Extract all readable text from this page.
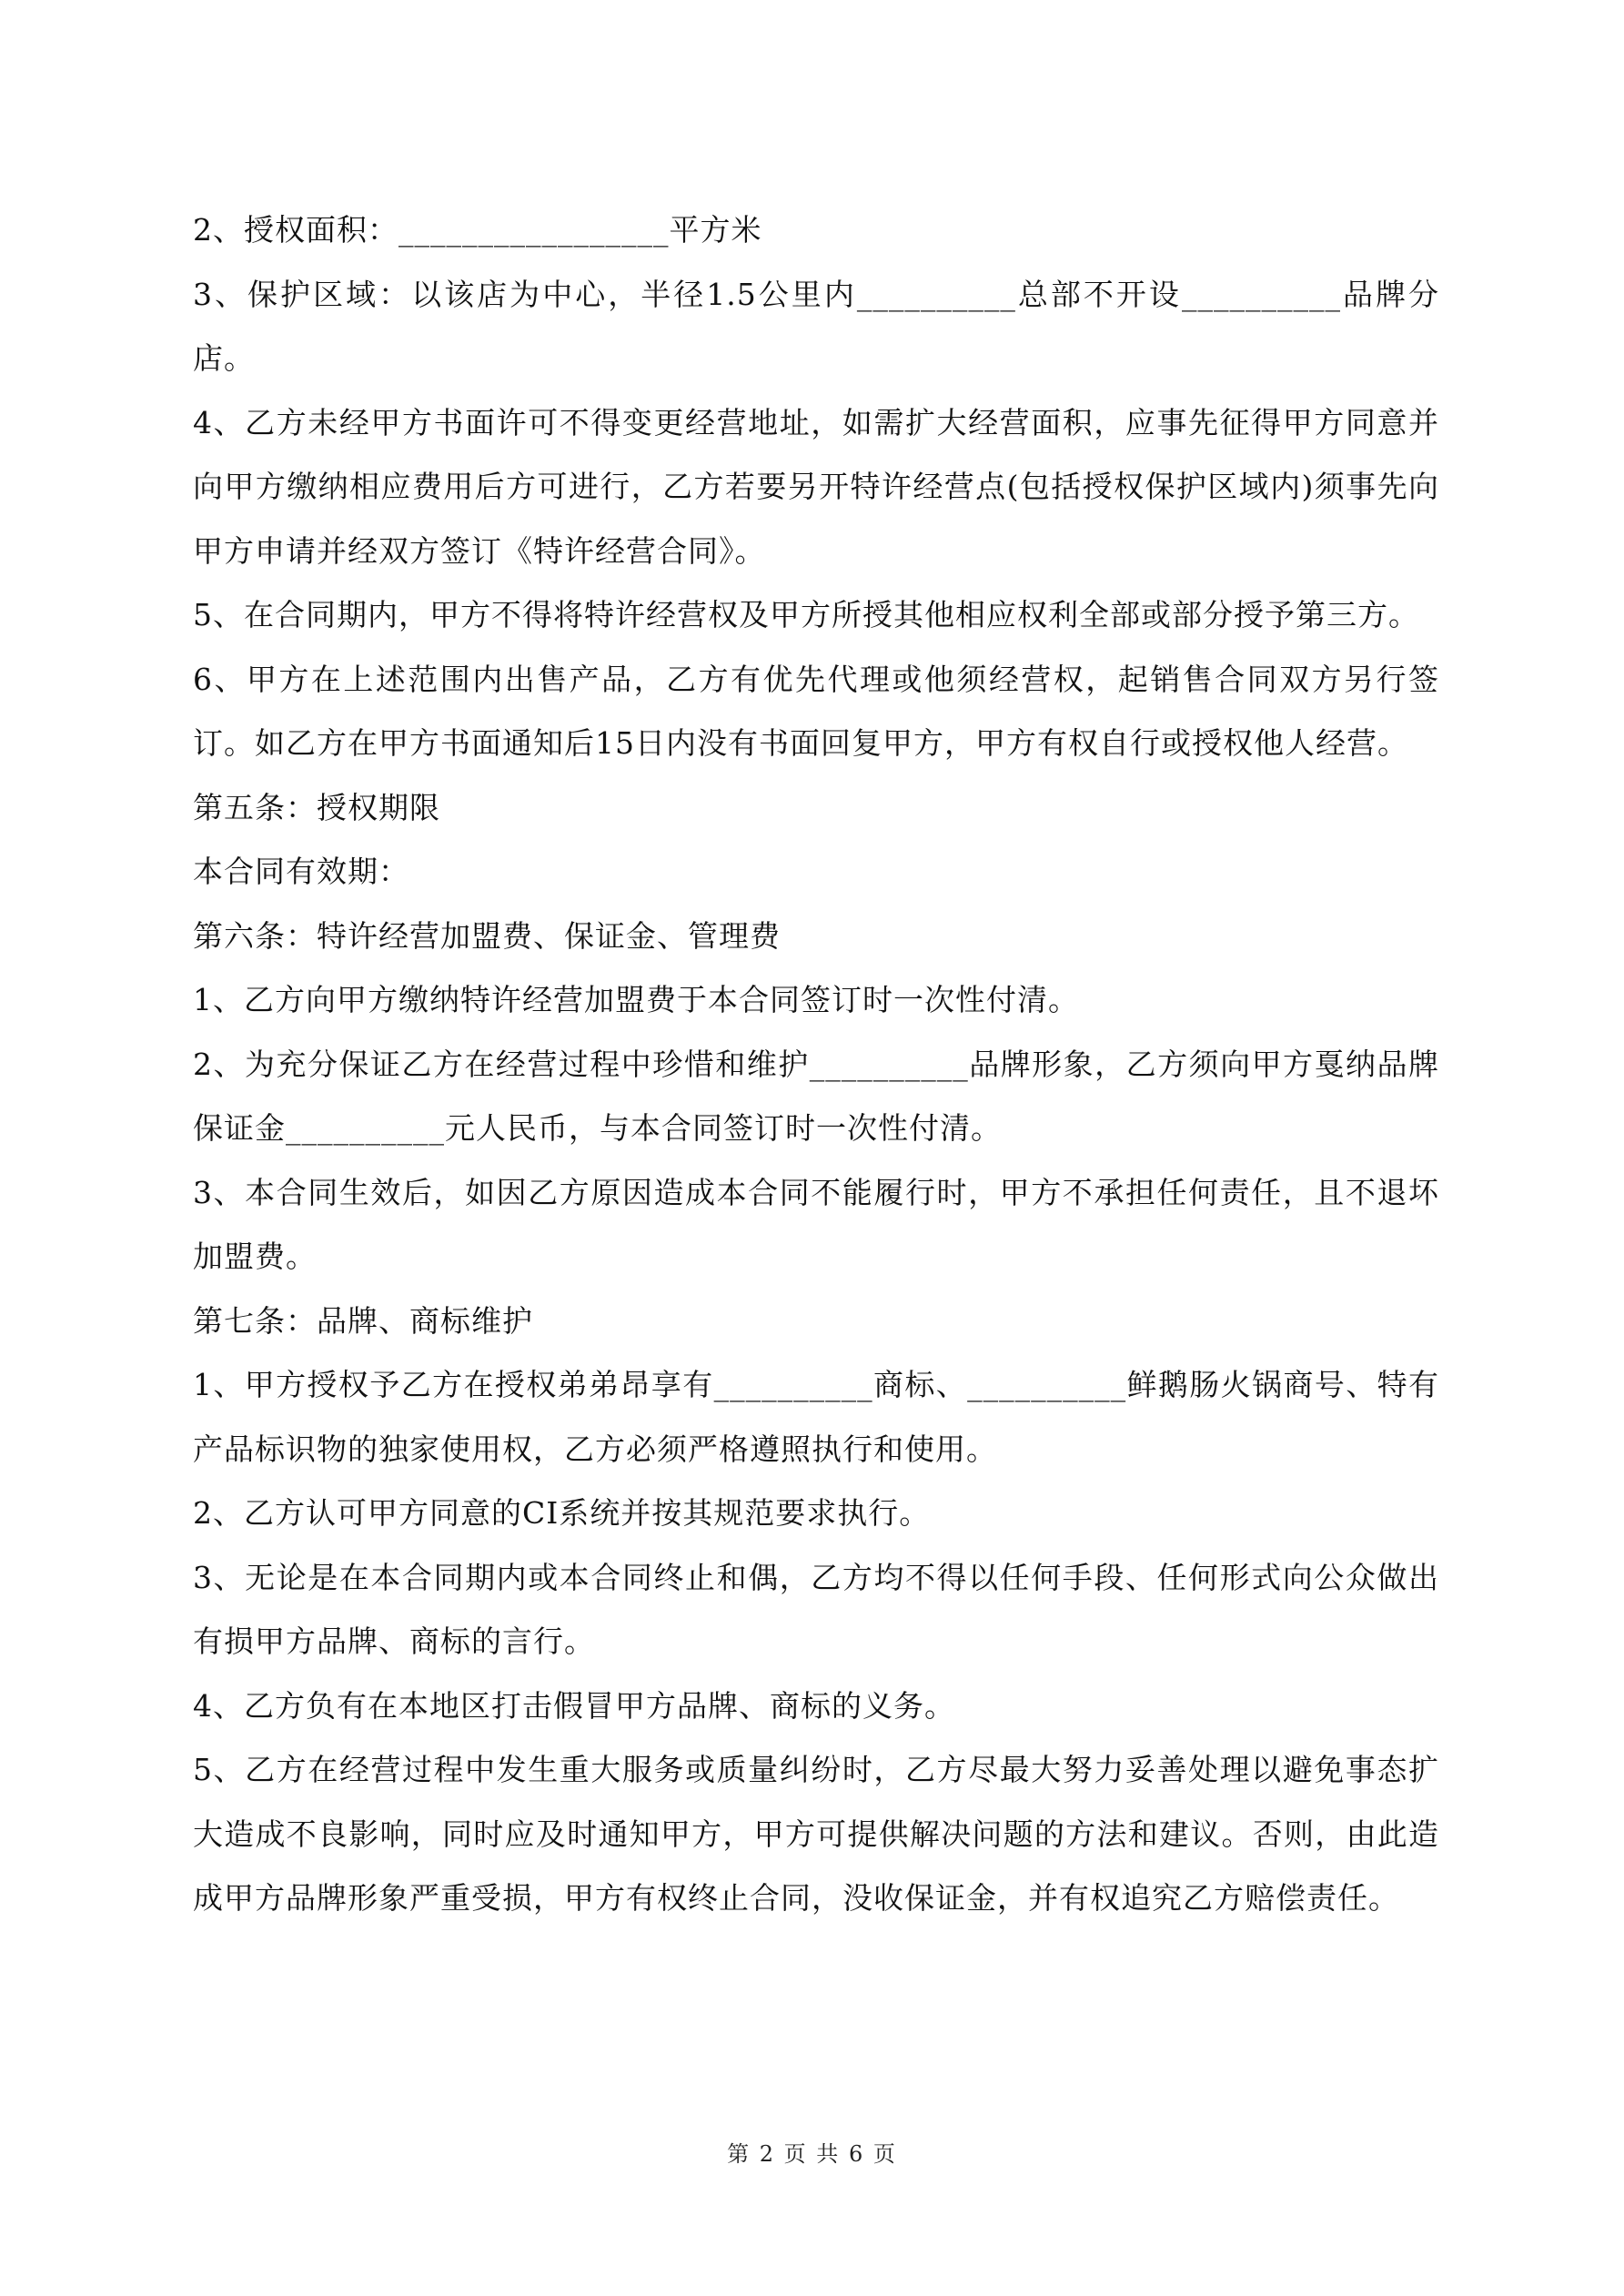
2、授权面积：_________________平方米

3、保护区域：以该店为中心，半径1.5公里内__________总部不开设__________品牌分店。

4、乙方未经甲方书面许可不得变更经营地址，如需扩大经营面积，应事先征得甲方同意并向甲方缴纳相应费用后方可进行，乙方若要另开特许经营点(包括授权保护区域内)须事先向甲方申请并经双方签订《特许经营合同》。

5、在合同期内，甲方不得将特许经营权及甲方所授其他相应权利全部或部分授予第三方。

6、甲方在上述范围内出售产品，乙方有优先代理或他须经营权，起销售合同双方另行签订。如乙方在甲方书面通知后15日内没有书面回复甲方，甲方有权自行或授权他人经营。

第五条：授权期限

本合同有效期：

第六条：特许经营加盟费、保证金、管理费

1、乙方向甲方缴纳特许经营加盟费于本合同签订时一次性付清。

2、为充分保证乙方在经营过程中珍惜和维护__________品牌形象，乙方须向甲方戛纳品牌保证金__________元人民币，与本合同签订时一次性付清。

3、本合同生效后，如因乙方原因造成本合同不能履行时，甲方不承担任何责任，且不退坏加盟费。

第七条：品牌、商标维护

1、甲方授权予乙方在授权弟弟昂享有__________商标、__________鲜鹅肠火锅商号、特有产品标识物的独家使用权，乙方必须严格遵照执行和使用。

2、乙方认可甲方同意的CI系统并按其规范要求执行。

3、无论是在本合同期内或本合同终止和偶，乙方均不得以任何手段、任何形式向公众做出有损甲方品牌、商标的言行。

4、乙方负有在本地区打击假冒甲方品牌、商标的义务。

5、乙方在经营过程中发生重大服务或质量纠纷时，乙方尽最大努力妥善处理以避免事态扩大造成不良影响，同时应及时通知甲方，甲方可提供解决问题的方法和建议。否则，由此造成甲方品牌形象严重受损，甲方有权终止合同，没收保证金，并有权追究乙方赔偿责任。

第 2 页 共 6 页
